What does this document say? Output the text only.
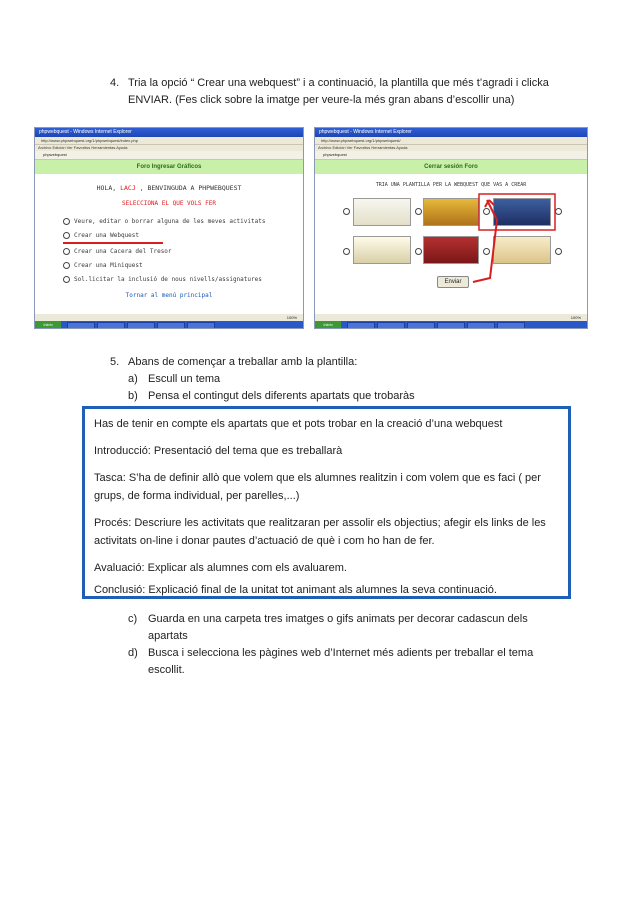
4. Tria la opció “ Crear una webquest” i a continuació, la plantilla que més t’agradi i clicka
ENVIAR. (Fes click sobre la imatge per veure-la més gran abans d’escollir una)
phpwebquest - Windows Internet Explorer
http://www.phpwebquest.org/1/phpwebquest/index.php
Archivo Edición Ver Favoritos Herramientas Ayuda
phpwebquest
Foro Ingresar Gráficos
HOLA, LACJ , BENVINGUDA A PHPWEBQUEST
SELECCIONA EL QUE VOLS FER
Veure, editar o borrar alguna de les meves activitats
Crear una Webquest
Crear una Cacera del Tresor
Crear una Miniquest
Sol.licitar la inclusió de nous nivells/assignatures
Tornar al menú principal
100%
Inicio
phpwebquest - Windows Internet Explorer
http://www.phpwebquest.org/1/phpwebquest/
Archivo Edición Ver Favoritos Herramientas Ayuda
phpwebquest
Cerrar sesión Foro
TRIA UNA PLANTILLA PER LA WEBQUEST QUE VAS A CREAR
Enviar
100%
Inicio
5. Abans de començar a treballar amb la plantilla:
a) Escull un tema
b) Pensa el contingut dels diferents apartats que trobaràs

Has de tenir en compte els apartats que et pots trobar en la creació d’una webquest

Introducció: Presentació del tema que es treballarà

Tasca: S’ha de definir allò que volem que els alumnes realitzin i com volem que es faci ( per

grups, de forma individual, per parelles,...)

Procés: Descriure les activitats que realitzaran per assolir els objectius; afegir els links de les

activitats on-line i donar pautes d’actuació de què i com ho han de fer.

Avaluació: Explicar als alumnes com els avaluarem.

Conclusió: Explicació final de la unitat tot animant als alumnes la seva continuació.

c) Guarda en una carpeta tres imatges o gifs animats per decorar cadascun dels
apartats
d) Busca i selecciona les pàgines web d’Internet més adients per treballar el tema
escollit.
